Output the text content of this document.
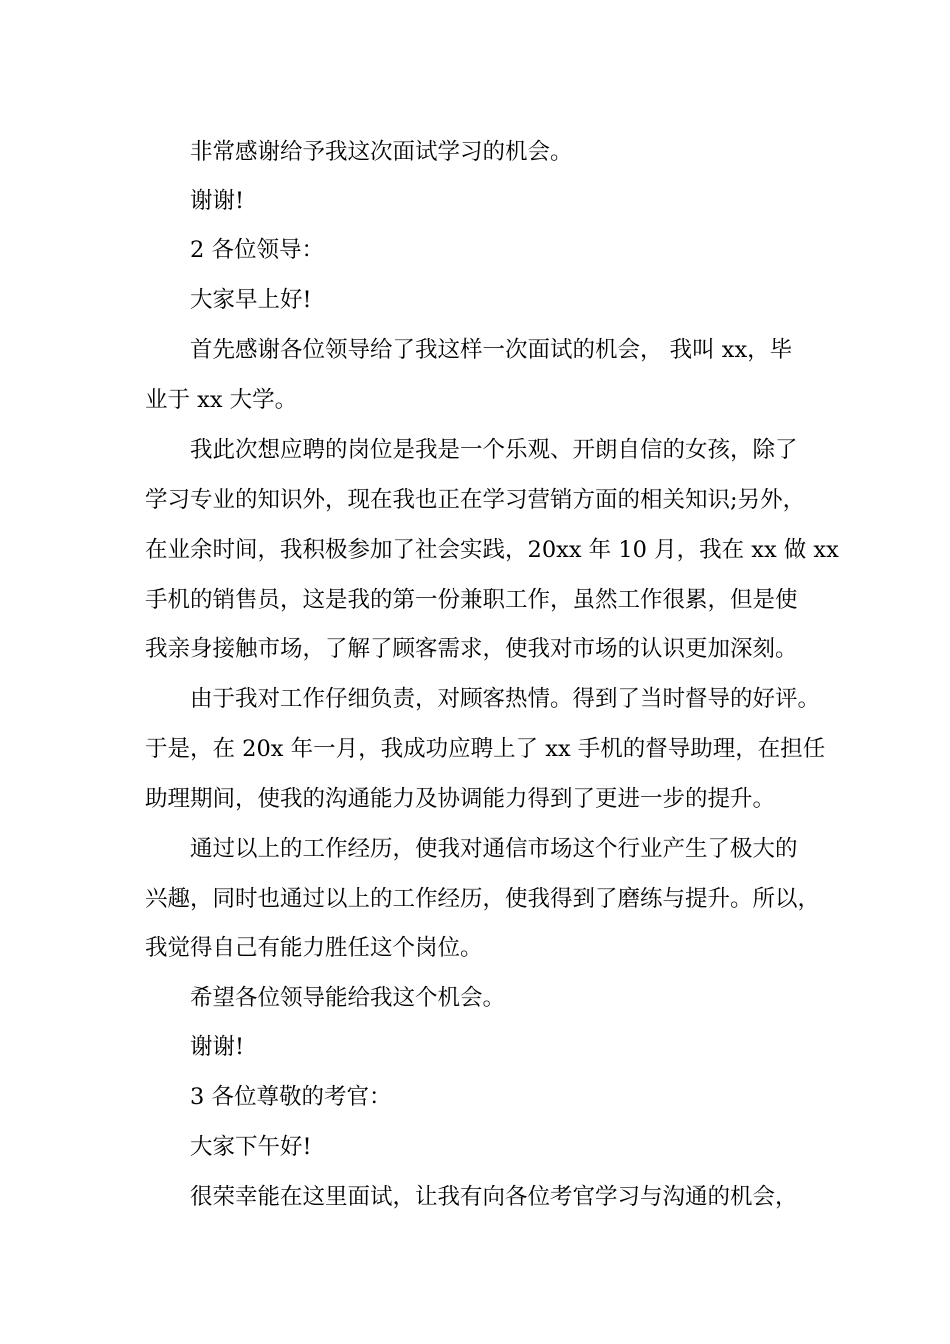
非常感谢给予我这次面试学习的机会。
谢谢!
2 各位领导：
大家早上好!
首先感谢各位领导给了我这样一次面试的机会， 我叫 xx，毕
业于 xx 大学。
我此次想应聘的岗位是我是一个乐观、开朗自信的女孩，除了
学习专业的知识外，现在我也正在学习营销方面的相关知识;另外，
在业余时间，我积极参加了社会实践，20xx 年 10 月，我在 xx 做 xx
手机的销售员，这是我的第一份兼职工作，虽然工作很累，但是使
我亲身接触市场，了解了顾客需求，使我对市场的认识更加深刻。
由于我对工作仔细负责，对顾客热情。得到了当时督导的好评。
于是，在 20x 年一月，我成功应聘上了 xx 手机的督导助理，在担任
助理期间，使我的沟通能力及协调能力得到了更进一步的提升。
通过以上的工作经历，使我对通信市场这个行业产生了极大的
兴趣，同时也通过以上的工作经历，使我得到了磨练与提升。所以，
我觉得自己有能力胜任这个岗位。
希望各位领导能给我这个机会。
谢谢!
3 各位尊敬的考官：
大家下午好!
很荣幸能在这里面试，让我有向各位考官学习与沟通的机会，
